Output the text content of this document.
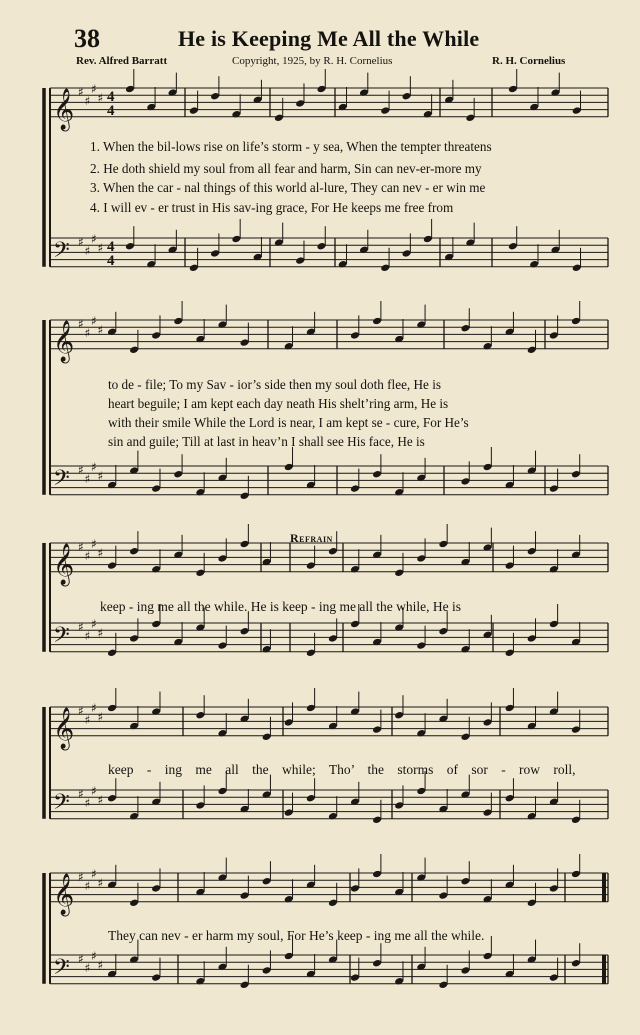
38	He is Keeping Me All the While
Rev. Alfred Barratt	Copyright, 1925, by R. H. Cornelius	R. H. Cornelius
𝄞 ♯
♯
♯
♯
𝄢 ♯
♯
♯
♯
4
4
4
4
𝄞 ♯
♯
♯
♯
𝄢 ♯
♯
♯
♯
𝄞 ♯
♯
♯
♯
𝄢 ♯
♯
♯
♯
𝄞 ♯
♯
♯
♯
𝄢 ♯
♯
♯
♯
𝄞 ♯
♯
♯
♯
𝄢 ♯
♯
♯
♯
1. When the bil-lows rise on life’s storm - y sea, When the tempter threatens
2. He doth shield my soul from all fear and harm, Sin can nev-er-more my
3. When the car - nal things of this world al-lure, They can nev - er win me
4. I will ev - er trust in His sav-ing grace, For He keeps me free from
to de - file; To my Sav - ior’s side then my soul doth flee, He is
heart beguile; I am kept each day neath His shelt’ring arm, He is
with their smile While the Lord is near, I am kept se - cure, For He’s
sin and guile; Till at last in heav’n I shall see His face, He is
Refrain
keep - ing me all the while. He is keep - ing me all the while, He is
keep - ing me all the while; Tho’ the storms of sor - row roll,
They can nev - er harm my soul, For He’s keep - ing me all the while.
